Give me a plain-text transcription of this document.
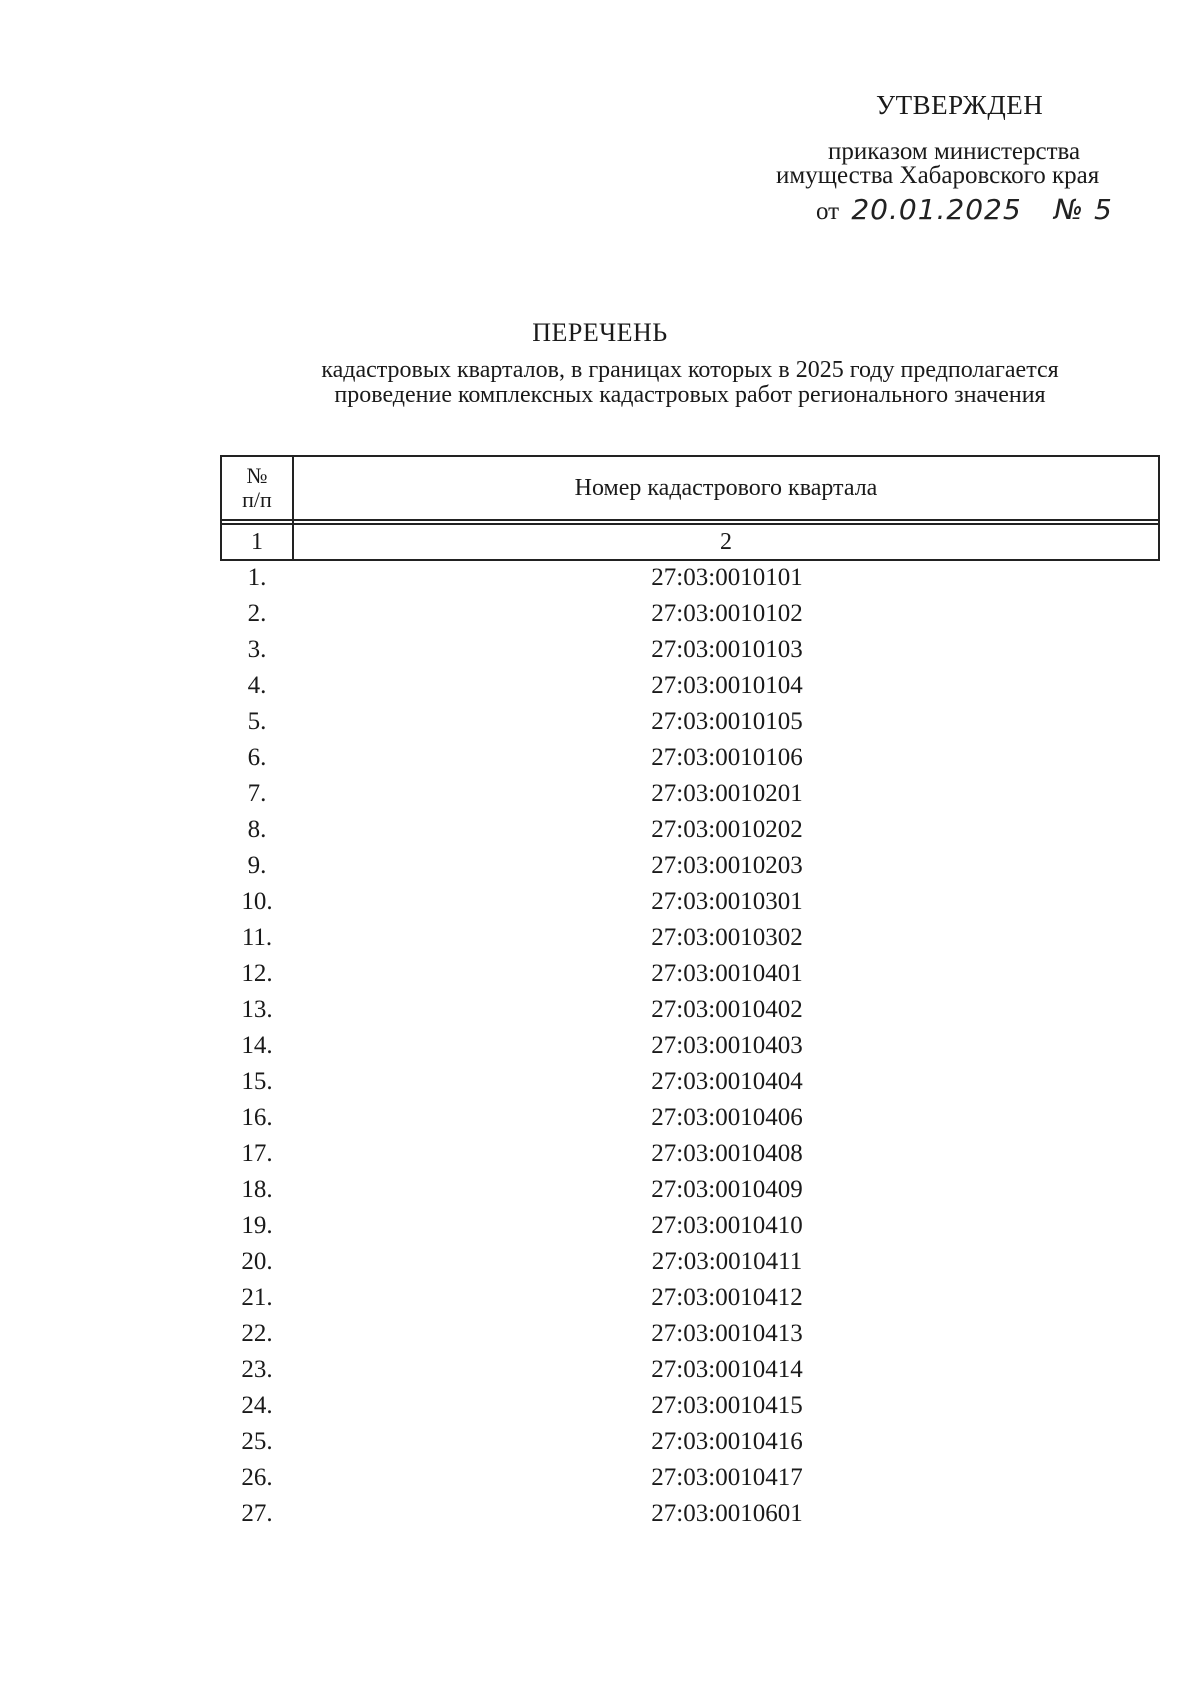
УТВЕРЖДЕН

приказом министерства
имущества Хабаровского края
от 20.01.2025 № 5
ПЕРЕЧЕНЬ
кадастровых кварталов, в границах которых в 2025 году предполагается
проведение комплексных кадастровых работ регионального значения
№
п/п	Номер кадастрового квартала

1	2
1.	27:03:0010101
2.	27:03:0010102
3.	27:03:0010103
4.	27:03:0010104
5.	27:03:0010105
6.	27:03:0010106
7.	27:03:0010201
8.	27:03:0010202
9.	27:03:0010203
10.	27:03:0010301
11.	27:03:0010302
12.	27:03:0010401
13.	27:03:0010402
14.	27:03:0010403
15.	27:03:0010404
16.	27:03:0010406
17.	27:03:0010408
18.	27:03:0010409
19.	27:03:0010410
20.	27:03:0010411
21.	27:03:0010412
22.	27:03:0010413
23.	27:03:0010414
24.	27:03:0010415
25.	27:03:0010416
26.	27:03:0010417
27.	27:03:0010601
